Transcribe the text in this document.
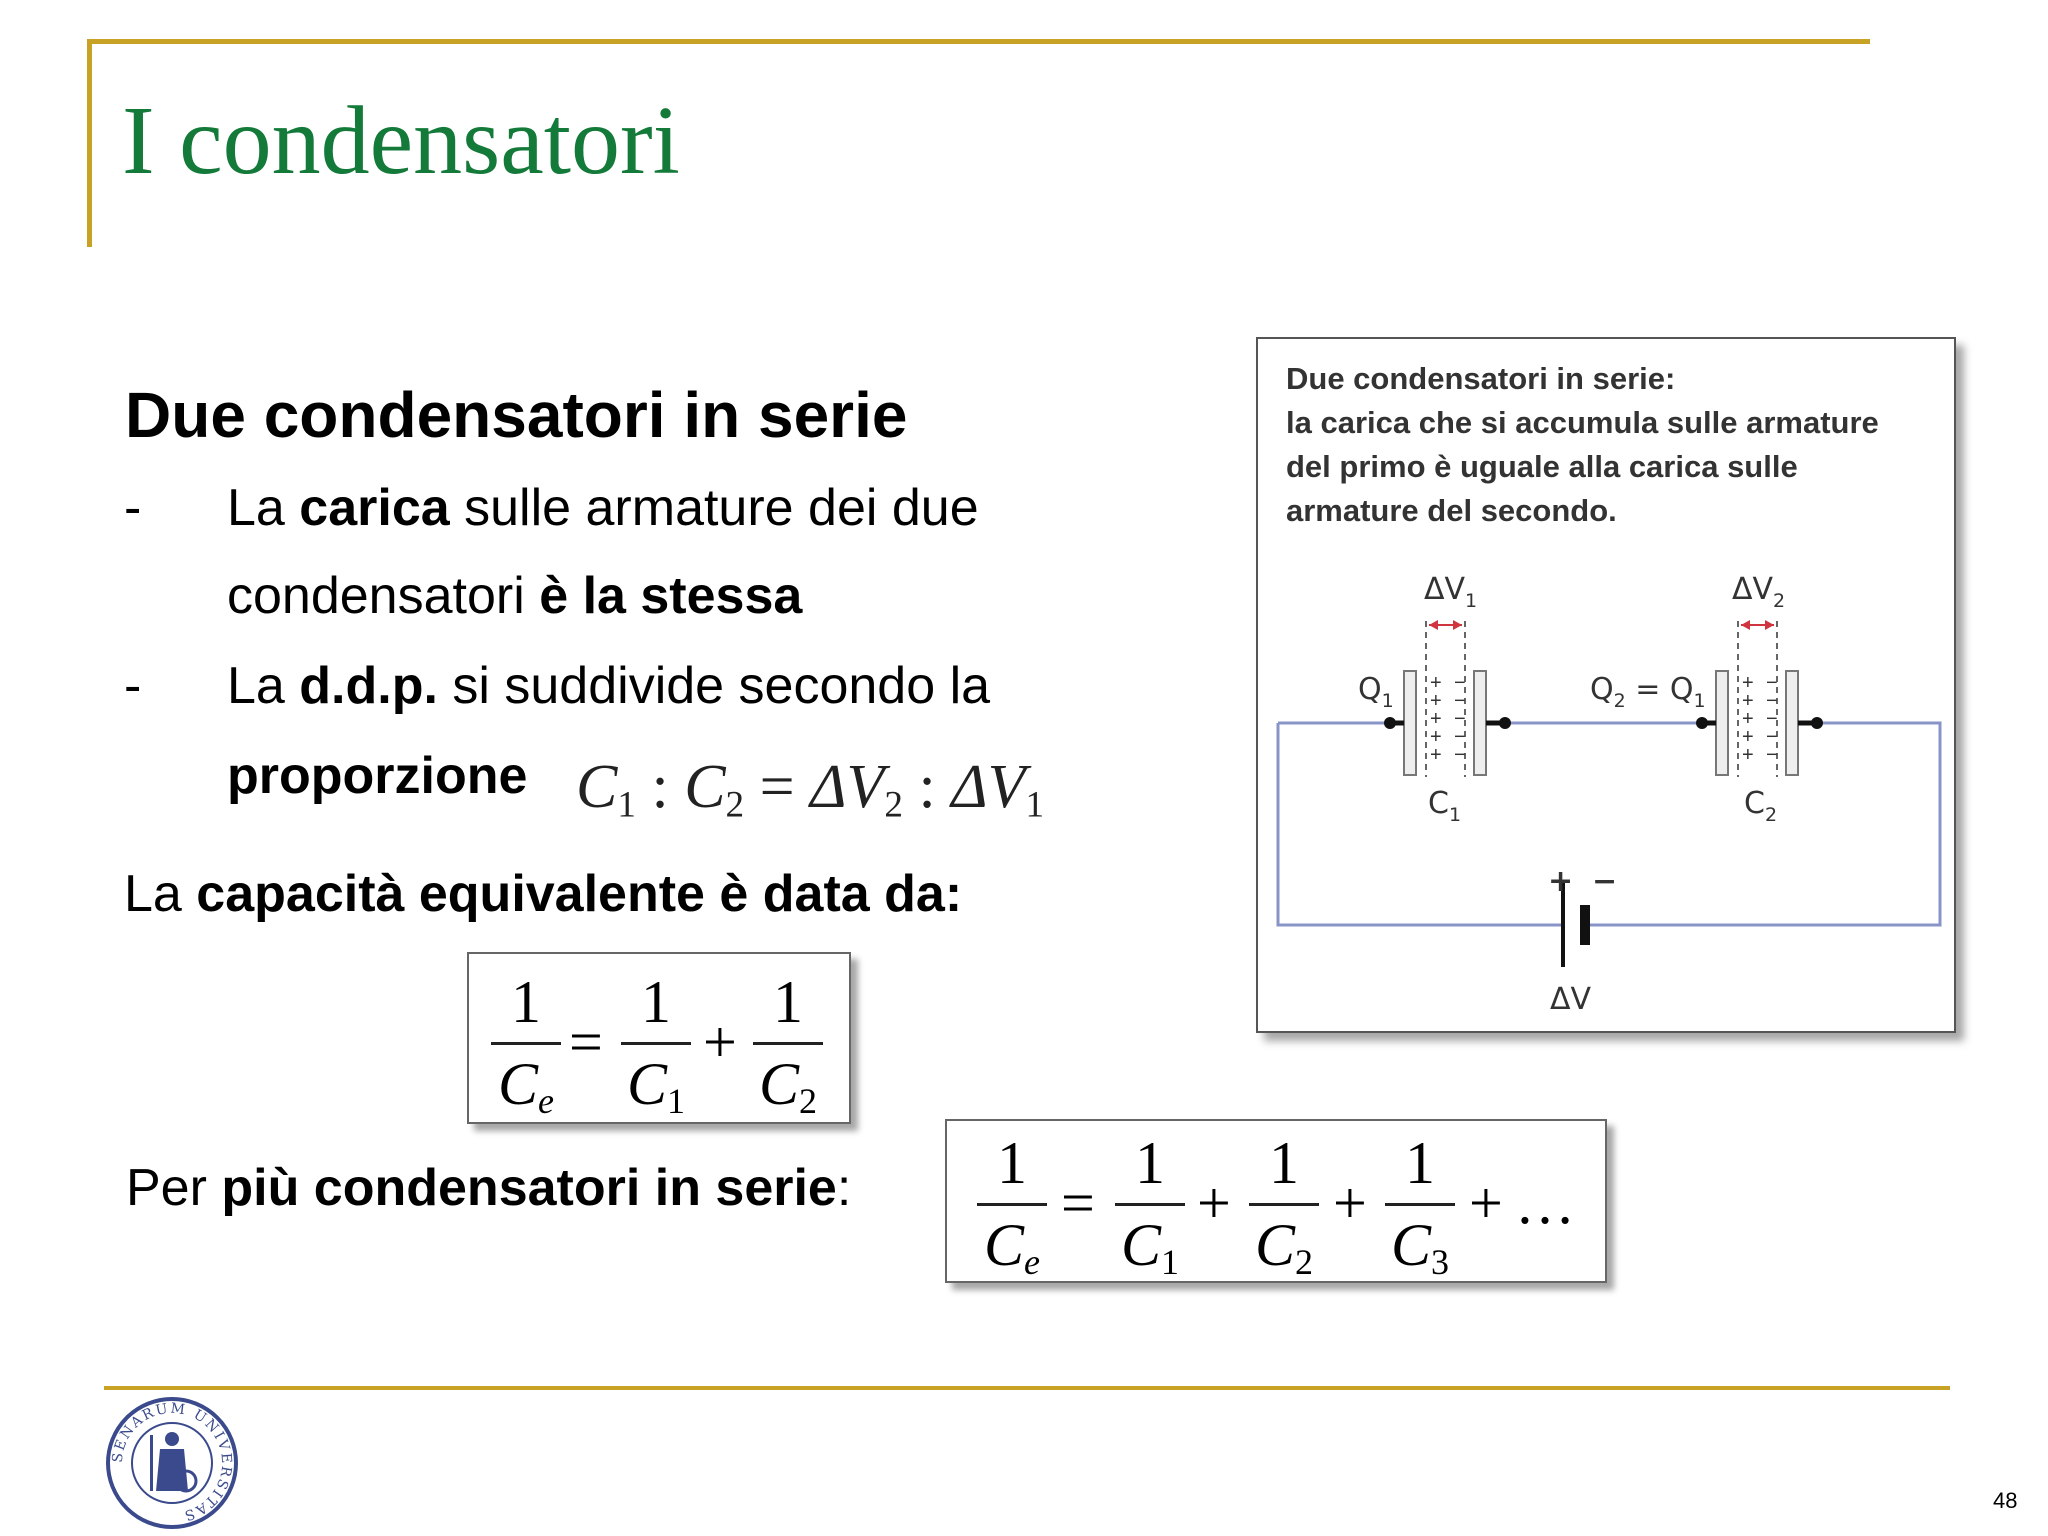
I condensatori
Due condensatori in serie
- La carica sulle armature dei due
condensatori è la stessa
- La d.d.p. si suddivide secondo la
proporzione $C_1$ : $C_2 = \Delta V_2$ : $\Delta V_1$
La capacità equivalente è data da:
1
$C_e$
=
1
$C_1$
+
1
$C_2$
Per più condensatori in serie:	1
$C_e$
=
1
$C_1$
+
1
$C_2$
+
1
$C_3$
+ …
Due condensatori in serie:
la carica che si accumula sulle armature
del primo è uguale alla carica sulle
armature del secondo.
+
+
+
+
+
−
−
−
−
−
+
+
+
+
+
−
−
−
−
−
$\Delta V_1$	$\Delta V_2$
$Q_1$	$Q_2 = Q_1$
$C_1$	$C_2$
+ −
ΔV
SENARUM UNIVERSITAS
48
